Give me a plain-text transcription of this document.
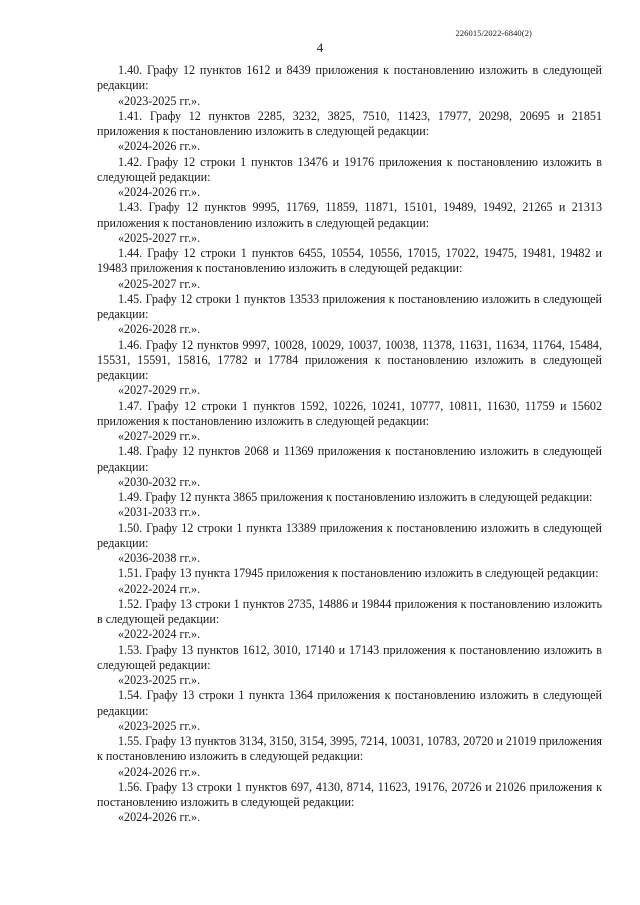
226015/2022-6840(2)
4

1.40. Графу 12 пунктов 1612 и 8439 приложения к постановлению изложить в следующей редакции:

«2023-2025 гг.».

1.41. Графу 12 пунктов 2285, 3232, 3825, 7510, 11423, 17977, 20298, 20695 и 21851 приложения к постановлению изложить в следующей редакции:

«2024-2026 гг.».

1.42. Графу 12 строки 1 пунктов 13476 и 19176 приложения к постановлению изложить в следующей редакции:

«2024-2026 гг.».

1.43. Графу 12 пунктов 9995, 11769, 11859, 11871, 15101, 19489, 19492, 21265 и 21313 приложения к постановлению изложить в следующей редакции:

«2025-2027 гг.».

1.44. Графу 12 строки 1 пунктов 6455, 10554, 10556, 17015, 17022, 19475, 19481, 19482 и 19483 приложения к постановлению изложить в следующей редакции:

«2025-2027 гг.».

1.45. Графу 12 строки 1 пунктов 13533 приложения к постановлению изложить в следующей редакции:

«2026-2028 гг.».

1.46. Графу 12 пунктов 9997, 10028, 10029, 10037, 10038, 11378, 11631, 11634, 11764, 15484, 15531, 15591, 15816, 17782 и 17784 приложения к постановлению изложить в следующей редакции:

«2027-2029 гг.».

1.47. Графу 12 строки 1 пунктов 1592, 10226, 10241, 10777, 10811, 11630, 11759 и 15602 приложения к постановлению изложить в следующей редакции:

«2027-2029 гг.».

1.48. Графу 12 пунктов 2068 и 11369 приложения к постановлению изложить в следующей редакции:

«2030-2032 гг.».

1.49. Графу 12 пункта 3865 приложения к постановлению изложить в следующей редакции:

«2031-2033 гг.».

1.50. Графу 12 строки 1 пункта 13389 приложения к постановлению изложить в следующей редакции:

«2036-2038 гг.».

1.51. Графу 13 пункта 17945 приложения к постановлению изложить в следующей редакции:

«2022-2024 гг.».

1.52. Графу 13 строки 1 пунктов 2735, 14886 и 19844 приложения к постановлению изложить в следующей редакции:

«2022-2024 гг.».

1.53. Графу 13 пунктов 1612, 3010, 17140 и 17143 приложения к постановлению изложить в следующей редакции:

«2023-2025 гг.».

1.54. Графу 13 строки 1 пункта 1364 приложения к постановлению изложить в следующей редакции:

«2023-2025 гг.».

1.55. Графу 13 пунктов 3134, 3150, 3154, 3995, 7214, 10031, 10783, 20720 и 21019 приложения к постановлению изложить в следующей редакции:

«2024-2026 гг.».

1.56. Графу 13 строки 1 пунктов 697, 4130, 8714, 11623, 19176, 20726 и 21026 приложения к постановлению изложить в следующей редакции:

«2024-2026 гг.».
